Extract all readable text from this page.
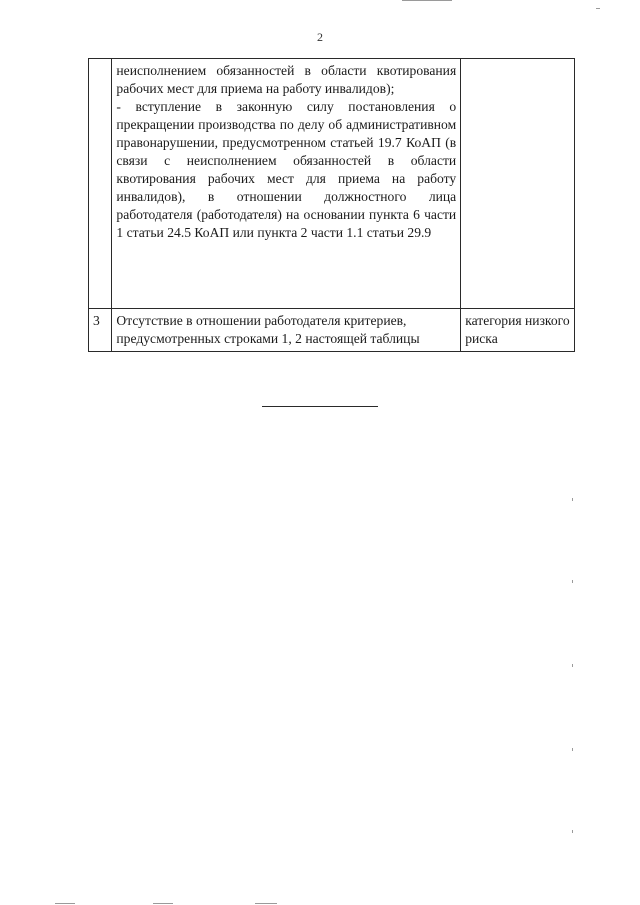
2

	неисполнением обязанностей в области квотирования рабочих мест для приема на работу инвалидов);

- вступление в законную силу постановления о прекращении производства по делу об административном правонарушении, предусмотренном статьей 19.7 КоАП (в связи с неисполнением обязанностей в области квотирования рабочих мест для приема на работу инвалидов), в отношении должностного лица работодателя (работодателя) на основании пункта 6 части 1 статьи 24.5 КоАП или пункта 2 части 1.1 статьи 29.9	

3	Отсутствие в отношении работодателя критериев, предусмотренных строками 1, 2 настоящей таблицы	категория низкого риска
